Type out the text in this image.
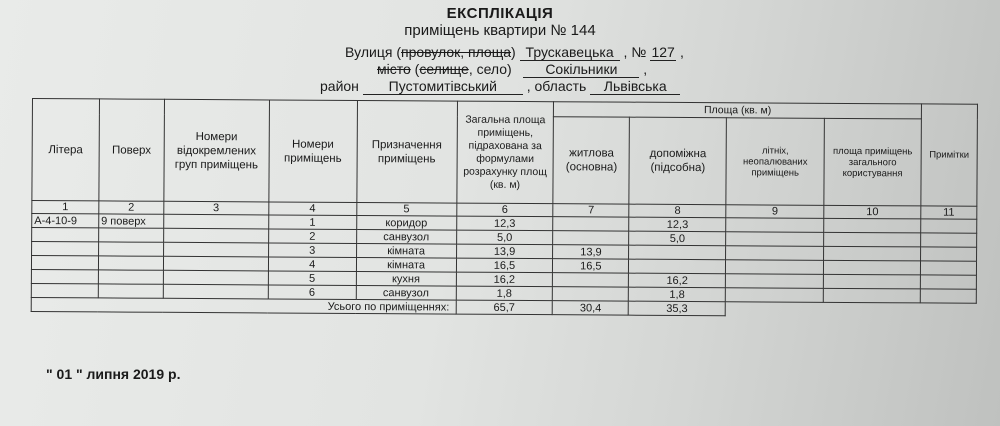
ЕКСПЛІКАЦІЯ
приміщень квартири № 144
Вулиця (провулок, площа) Трускавецька , № 127 ,
місто (селище, село) Сокільники ,
район Пустомитівський , область Львівська
Літера	Поверх	Номери відокремлених груп приміщень	Номери приміщень	Призначення приміщень	Загальна площа приміщень, підрахована за формулами розрахунку площ (кв. м)	Площа (кв. м)				Примітки
						житлова (основна)	допоміжна (підсобна)	літніх, неопалюваних приміщень	площа приміщень загального користування	
1	2	3	4	5	6	7	8	9	10	11
А-4-10-9	9 поверх		1	коридор	12,3		12,3			
			2	санвузол	5,0		5,0			
			3	кімната	13,9	13,9				
			4	кімната	16,5	16,5				
			5	кухня	16,2		16,2			
			6	санвузол	1,8		1,8			
Усього по приміщеннях:					65,7	30,4	35,3			
" 01 " липня 2019 р.
